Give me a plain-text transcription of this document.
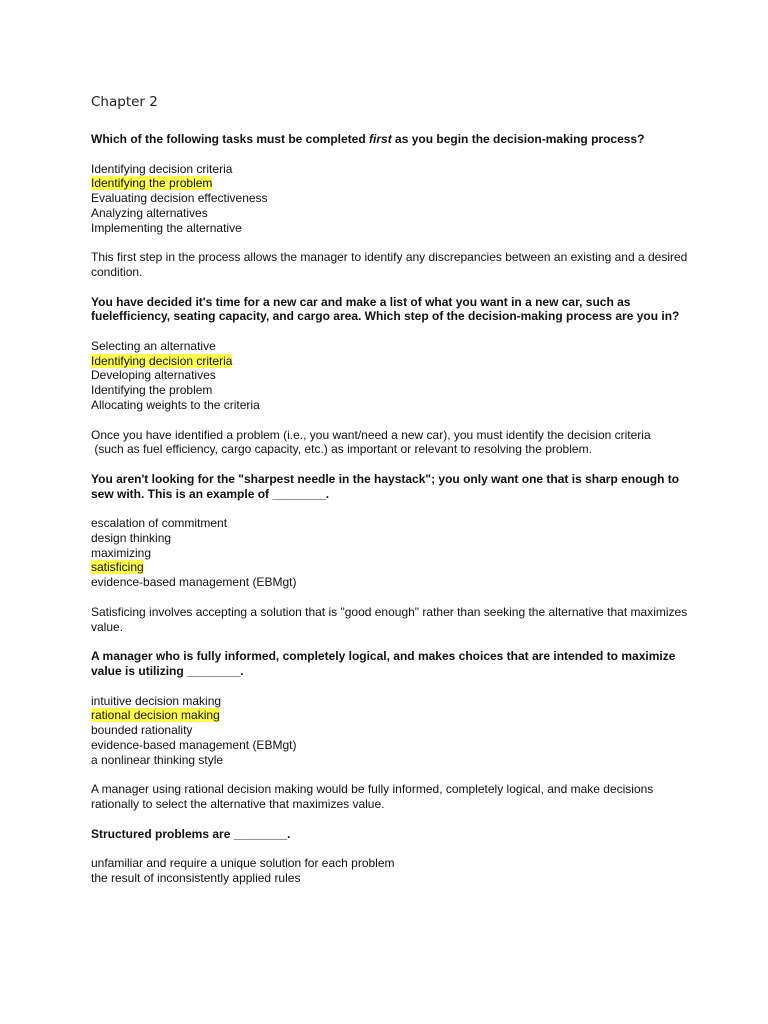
Chapter 2

Which of the following tasks must be completed first as you begin the decision-making process?

Identifying decision criteria
Identifying the problem
Evaluating decision effectiveness
Analyzing alternatives
Implementing the alternative

This first step in the process allows the manager to identify any discrepancies between an existing and a desired condition.

You have decided it's time for a new car and make a list of what you want in a new car, such as fuelefficiency, seating capacity, and cargo area. Which step of the decision-making process are you in?

Selecting an alternative
Identifying decision criteria
Developing alternatives
Identifying the problem
Allocating weights to the criteria

Once you have identified a problem (i.e., you want/need a new car), you must identify the decision criteria
(such as fuel efficiency, cargo capacity, etc.) as important or relevant to resolving the problem.

You aren't looking for the "sharpest needle in the haystack"; you only want one that is sharp enough to sew with. This is an example of ________.

escalation of commitment
design thinking
maximizing
satisficing
evidence-based management (EBMgt)

Satisficing involves accepting a solution that is "good enough" rather than seeking the alternative that maximizes value.

A manager who is fully informed, completely logical, and makes choices that are intended to maximize value is utilizing ________.

intuitive decision making
rational decision making
bounded rationality
evidence-based management (EBMgt)
a nonlinear thinking style

A manager using rational decision making would be fully informed, completely logical, and make decisions rationally to select the alternative that maximizes value.

Structured problems are ________.

unfamiliar and require a unique solution for each problem
the result of inconsistently applied rules
